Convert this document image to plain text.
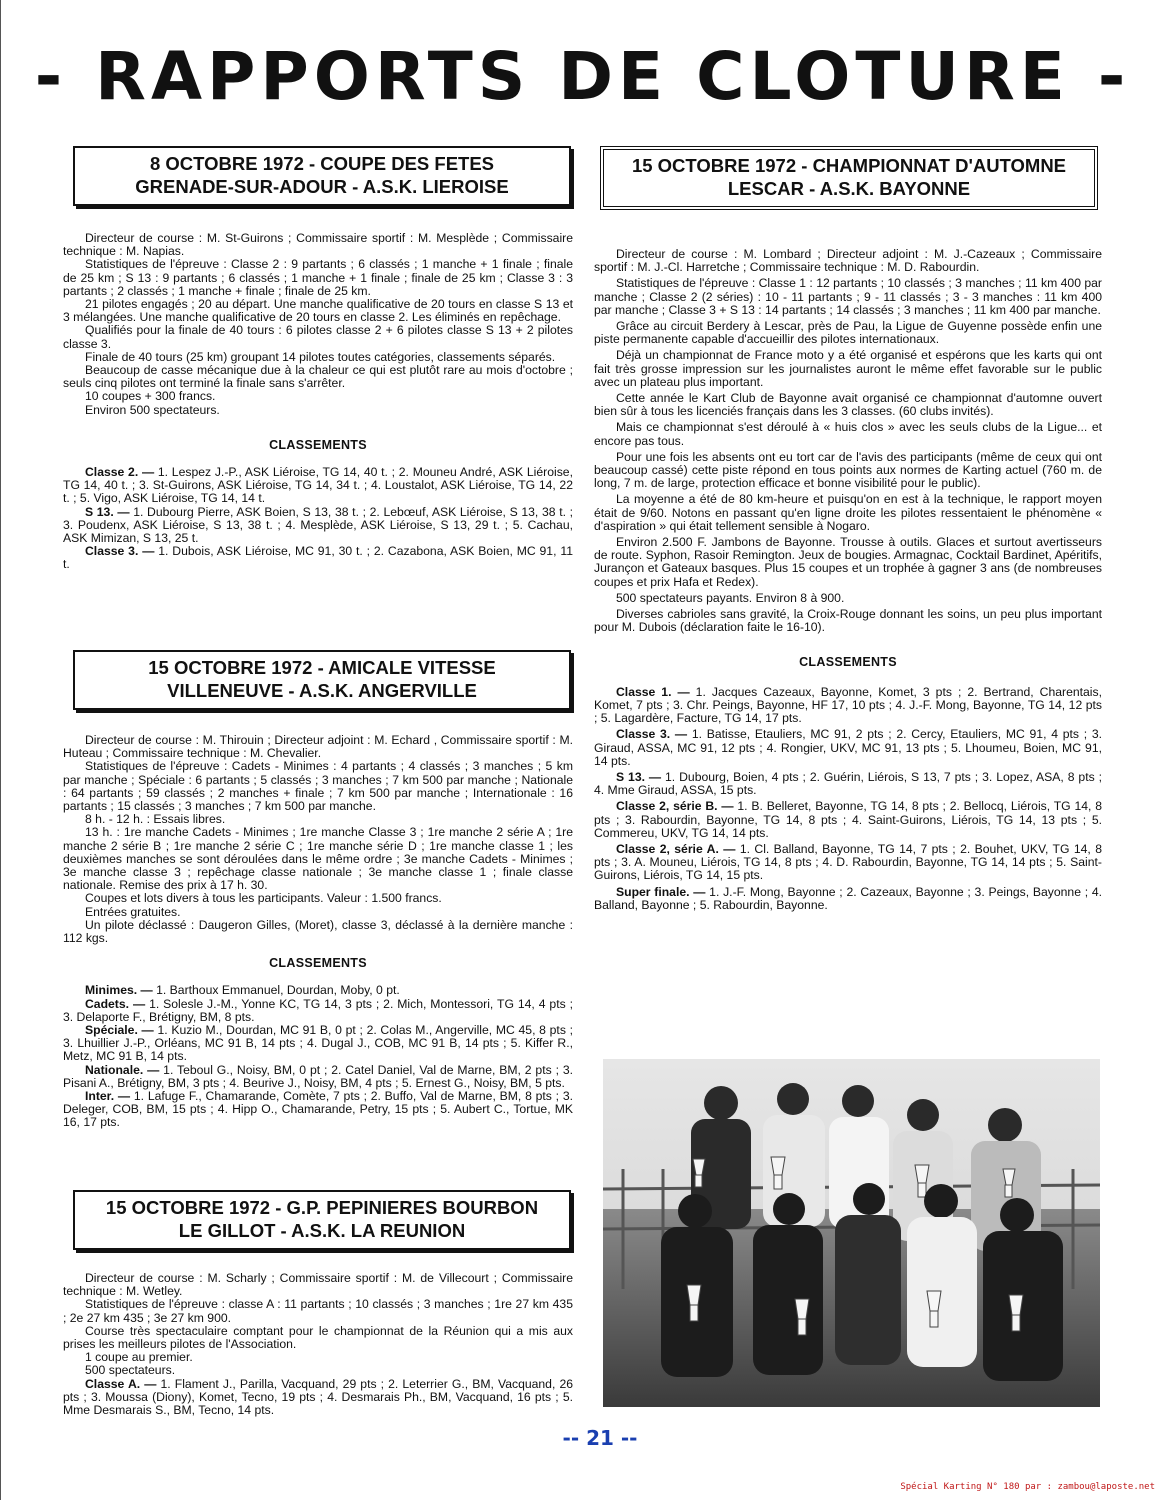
- RAPPORTS DE CLOTURE -
8 OCTOBRE 1972 - COUPE DES FETES
GRENADE-SUR-ADOUR - A.S.K. LIEROISE

Directeur de course : M. St-Guirons ; Commissaire sportif : M. Mesplède ; Commissaire technique : M. Napias.

Statistiques de l'épreuve : Classe 2 : 9 partants ; 6 classés ; 1 manche + 1 finale ; finale de 25 km ; S 13 : 9 partants ; 6 classés ; 1 manche + 1 finale ; finale de 25 km ; Classe 3 : 3 partants ; 2 classés ; 1 manche + finale ; finale de 25 km.

21 pilotes engagés ; 20 au départ. Une manche qualificative de 20 tours en classe S 13 et 3 mélangées. Une manche qualificative de 20 tours en classe 2. Les éliminés en repêchage.

Qualifiés pour la finale de 40 tours : 6 pilotes classe 2 + 6 pilotes classe S 13 + 2 pilotes classe 3.

Finale de 40 tours (25 km) groupant 14 pilotes toutes catégories, classements séparés.

Beaucoup de casse mécanique due à la chaleur ce qui est plutôt rare au mois d'octobre ; seuls cinq pilotes ont terminé la finale sans s'arrêter.

10 coupes + 300 francs.

Environ 500 spectateurs.

CLASSEMENTS

Classe 2. — 1. Lespez J.-P., ASK Liéroise, TG 14, 40 t. ; 2. Mouneu André, ASK Liéroise, TG 14, 40 t. ; 3. St-Guirons, ASK Liéroise, TG 14, 34 t. ; 4. Loustalot, ASK Liéroise, TG 14, 22 t. ; 5. Vigo, ASK Liéroise, TG 14, 14 t.

S 13. — 1. Dubourg Pierre, ASK Boien, S 13, 38 t. ; 2. Lebœuf, ASK Liéroise, S 13, 38 t. ; 3. Poudenx, ASK Liéroise, S 13, 38 t. ; 4. Mesplède, ASK Liéroise, S 13, 29 t. ; 5. Cachau, ASK Mimizan, S 13, 25 t.

Classe 3. — 1. Dubois, ASK Liéroise, MC 91, 30 t. ; 2. Cazabona, ASK Boien, MC 91, 11 t.

15 OCTOBRE 1972 - AMICALE VITESSE
VILLENEUVE - A.S.K. ANGERVILLE

Directeur de course : M. Thirouin ; Directeur adjoint : M. Echard , Commissaire sportif : M. Huteau ; Commissaire technique : M. Chevalier.

Statistiques de l'épreuve : Cadets - Minimes : 4 partants ; 4 classés ; 3 manches ; 5 km par manche ; Spéciale : 6 partants ; 5 classés ; 3 manches ; 7 km 500 par manche ; Nationale : 64 partants ; 59 classés ; 2 manches + finale ; 7 km 500 par manche ; Internationale : 16 partants ; 15 classés ; 3 manches ; 7 km 500 par manche.

8 h. - 12 h. : Essais libres.

13 h. : 1re manche Cadets - Minimes ; 1re manche Classe 3 ; 1re manche 2 série A ; 1re manche 2 série B ; 1re manche 2 série C ; 1re manche série D ; 1re manche classe 1 ; les deuxièmes manches se sont déroulées dans le même ordre ; 3e manche Cadets - Minimes ; 3e manche classe 3 ; repêchage classe nationale ; 3e manche classe 1 ; finale classe nationale. Remise des prix à 17 h. 30.

Coupes et lots divers à tous les participants. Valeur : 1.500 francs.

Entrées gratuites.

Un pilote déclassé : Daugeron Gilles, (Moret), classe 3, déclassé à la dernière manche : 112 kgs.

CLASSEMENTS

Minimes. — 1. Barthoux Emmanuel, Dourdan, Moby, 0 pt.

Cadets. — 1. Solesle J.-M., Yonne KC, TG 14, 3 pts ; 2. Mich, Montessori, TG 14, 4 pts ; 3. Delaporte F., Brétigny, BM, 8 pts.

Spéciale. — 1. Kuzio M., Dourdan, MC 91 B, 0 pt ; 2. Colas M., Angerville, MC 45, 8 pts ; 3. Lhuillier J.-P., Orléans, MC 91 B, 14 pts ; 4. Dugal J., COB, MC 91 B, 14 pts ; 5. Kiffer R., Metz, MC 91 B, 14 pts.

Nationale. — 1. Teboul G., Noisy, BM, 0 pt ; 2. Catel Daniel, Val de Marne, BM, 2 pts ; 3. Pisani A., Brétigny, BM, 3 pts ; 4. Beurive J., Noisy, BM, 4 pts ; 5. Ernest G., Noisy, BM, 5 pts.

Inter. — 1. Lafuge F., Chamarande, Comète, 7 pts ; 2. Buffo, Val de Marne, BM, 8 pts ; 3. Deleger, COB, BM, 15 pts ; 4. Hipp O., Chamarande, Petry, 15 pts ; 5. Aubert C., Tortue, MK 16, 17 pts.

15 OCTOBRE 1972 - G.P. PEPINIERES BOURBON
LE GILLOT - A.S.K. LA REUNION

Directeur de course : M. Scharly ; Commissaire sportif : M. de Villecourt ; Commissaire technique : M. Wetley.

Statistiques de l'épreuve : classe A : 11 partants ; 10 classés ; 3 manches ; 1re 27 km 435 ; 2e 27 km 435 ; 3e 27 km 900.

Course très spectaculaire comptant pour le championnat de la Réunion qui a mis aux prises les meilleurs pilotes de l'Association.

1 coupe au premier.

500 spectateurs.

Classe A. — 1. Flament J., Parilla, Vacquand, 29 pts ; 2. Leterrier G., BM, Vacquand, 26 pts ; 3. Moussa (Diony), Komet, Tecno, 19 pts ; 4. Desmarais Ph., BM, Vacquand, 16 pts ; 5. Mme Desmarais S., BM, Tecno, 14 pts.

15 OCTOBRE 1972 - CHAMPIONNAT D'AUTOMNE
LESCAR - A.S.K. BAYONNE

Directeur de course : M. Lombard ; Directeur adjoint : M. J.-Cazeaux ; Commissaire sportif : M. J.-Cl. Harretche ; Commissaire technique : M. D. Rabourdin.

Statistiques de l'épreuve : Classe 1 : 12 partants ; 10 classés ; 3 manches ; 11 km 400 par manche ; Classe 2 (2 séries) : 10 - 11 partants ; 9 - 11 classés ; 3 - 3 manches : 11 km 400 par manche ; Classe 3 + S 13 : 14 partants ; 14 classés ; 3 manches ; 11 km 400 par manche.

Grâce au circuit Berdery à Lescar, près de Pau, la Ligue de Guyenne possède enfin une piste permanente capable d'accueillir des pilotes internationaux.

Déjà un championnat de France moto y a été organisé et espérons que les karts qui ont fait très grosse impression sur les journalistes auront le même effet favorable sur le public avec un plateau plus important.

Cette année le Kart Club de Bayonne avait organisé ce championnat d'automne ouvert bien sûr à tous les licenciés français dans les 3 classes. (60 clubs invités).

Mais ce championnat s'est déroulé à « huis clos » avec les seuls clubs de la Ligue... et encore pas tous.

Pour une fois les absents ont eu tort car de l'avis des participants (même de ceux qui ont beaucoup cassé) cette piste répond en tous points aux normes de Karting actuel (760 m. de long, 7 m. de large, protection efficace et bonne visibilité pour le public).

La moyenne a été de 80 km-heure et puisqu'on en est à la technique, le rapport moyen était de 9/60. Notons en passant qu'en ligne droite les pilotes ressentaient le phénomène « d'aspiration » qui était tellement sensible à Nogaro.

Environ 2.500 F. Jambons de Bayonne. Trousse à outils. Glaces et surtout avertisseurs de route. Syphon, Rasoir Remington. Jeux de bougies. Armagnac, Cocktail Bardinet, Apéritifs, Jurançon et Gateaux basques. Plus 15 coupes et un trophée à gagner 3 ans (de nombreuses coupes et prix Hafa et Redex).

500 spectateurs payants. Environ 8 à 900.

Diverses cabrioles sans gravité, la Croix-Rouge donnant les soins, un peu plus important pour M. Dubois (déclaration faite le 16-10).

CLASSEMENTS

Classe 1. — 1. Jacques Cazeaux, Bayonne, Komet, 3 pts ; 2. Bertrand, Charentais, Komet, 7 pts ; 3. Chr. Peings, Bayonne, HF 17, 10 pts ; 4. J.-F. Mong, Bayonne, TG 14, 12 pts ; 5. Lagardère, Facture, TG 14, 17 pts.

Classe 3. — 1. Batisse, Etauliers, MC 91, 2 pts ; 2. Cercy, Etauliers, MC 91, 4 pts ; 3. Giraud, ASSA, MC 91, 12 pts ; 4. Rongier, UKV, MC 91, 13 pts ; 5. Lhoumeu, Boien, MC 91, 14 pts.

S 13. — 1. Dubourg, Boien, 4 pts ; 2. Guérin, Liérois, S 13, 7 pts ; 3. Lopez, ASA, 8 pts ; 4. Mme Giraud, ASSA, 15 pts.

Classe 2, série B. — 1. B. Belleret, Bayonne, TG 14, 8 pts ; 2. Bellocq, Liérois, TG 14, 8 pts ; 3. Rabourdin, Bayonne, TG 14, 8 pts ; 4. Saint-Guirons, Liérois, TG 14, 13 pts ; 5. Commereu, UKV, TG 14, 14 pts.

Classe 2, série A. — 1. Cl. Balland, Bayonne, TG 14, 7 pts ; 2. Bouhet, UKV, TG 14, 8 pts ; 3. A. Mouneu, Liérois, TG 14, 8 pts ; 4. D. Rabourdin, Bayonne, TG 14, 14 pts ; 5. Saint-Guirons, Liérois, TG 14, 15 pts.

Super finale. — 1. J.-F. Mong, Bayonne ; 2. Cazeaux, Bayonne ; 3. Peings, Bayonne ; 4. Balland, Bayonne ; 5. Rabourdin, Bayonne.

-- 21 --
Spécial Karting N° 180 par : zambou@laposte.net
